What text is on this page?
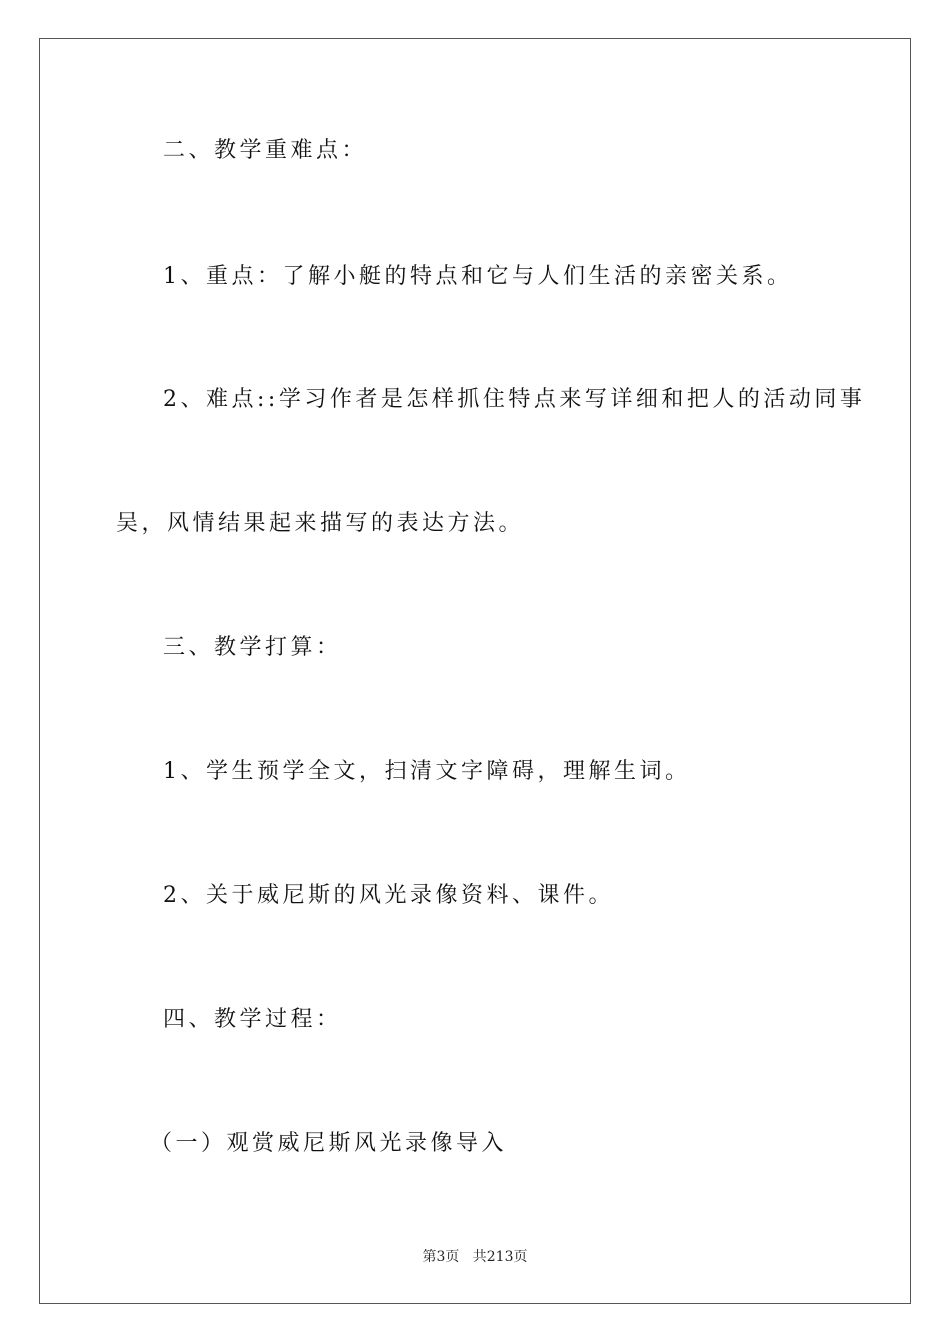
二、教学重难点：
1、重点：了解小艇的特点和它与人们生活的亲密关系。
2、难点::学习作者是怎样抓住特点来写详细和把人的活动同事
吴，风情结果起来描写的表达方法。
三、教学打算：
1、学生预学全文，扫清文字障碍，理解生词。
2、关于威尼斯的风光录像资料、课件。
四、教学过程：
（一）观赏威尼斯风光录像导入
第3页 共213页
